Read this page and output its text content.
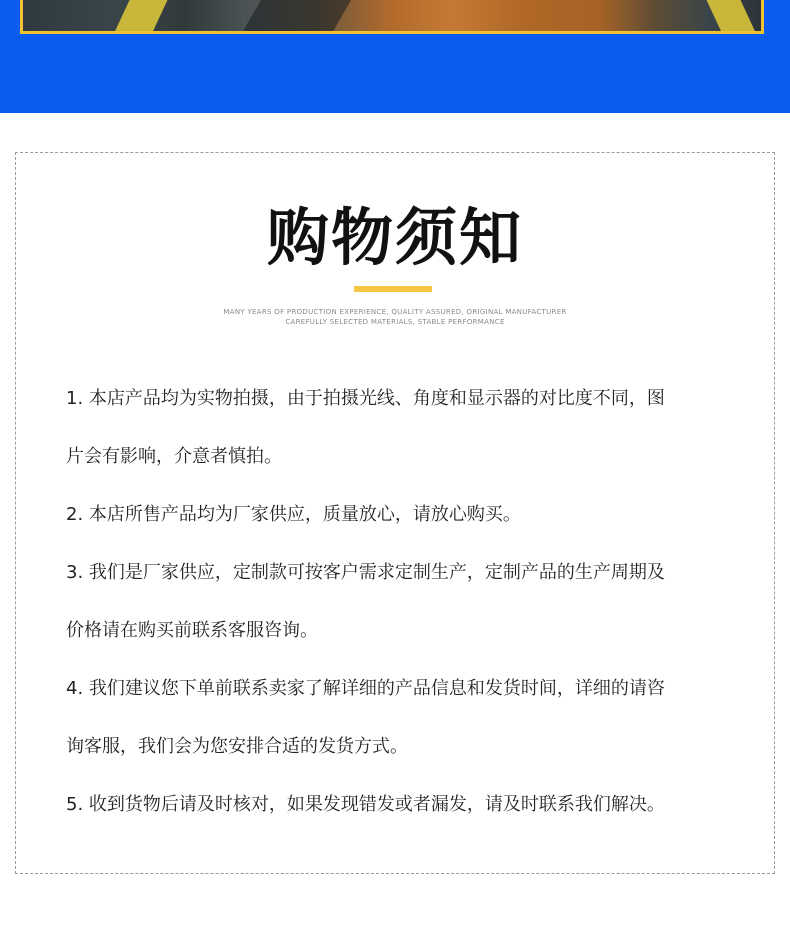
购物须知
MANY YEARS OF PRODUCTION EXPERIENCE, QUALITY ASSURED, ORIGINAL MANUFACTURER
CAREFULLY SELECTED MATERIALS, STABLE PERFORMANCE
1. 本店产品均为实物拍摄，由于拍摄光线、角度和显示器的对比度不同，图
片会有影响，介意者慎拍。
2. 本店所售产品均为厂家供应，质量放心，请放心购买。
3. 我们是厂家供应，定制款可按客户需求定制生产，定制产品的生产周期及
价格请在购买前联系客服咨询。
4. 我们建议您下单前联系卖家了解详细的产品信息和发货时间，详细的请咨
询客服，我们会为您安排合适的发货方式。
5. 收到货物后请及时核对，如果发现错发或者漏发，请及时联系我们解决。
